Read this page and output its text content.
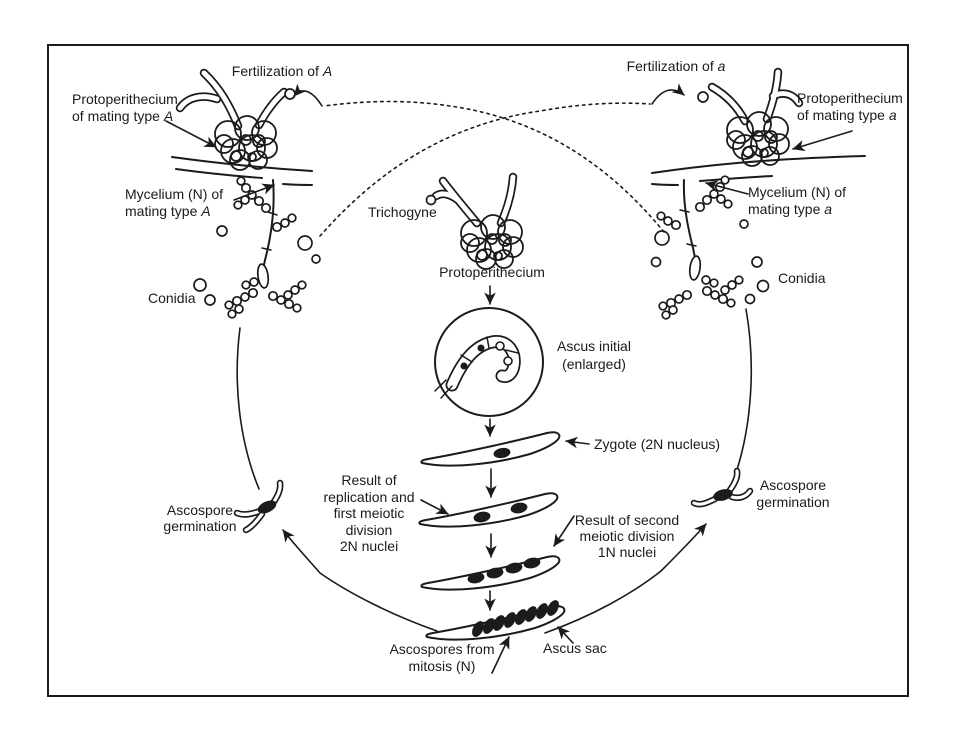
Fertilization of A	Fertilization of a
Protoperithecium
of mating type A
Protoperithecium
of mating type a
Mycelium (N) of
mating type A
Mycelium (N) of
mating type a
Conidia
Conidia
Trichogyne
Protoperithecium
Ascus initial
(enlarged)
Zygote (2N nucleus)
Result of
replication and
first meiotic
division
2N nuclei
Result of second
meiotic division
1N nuclei
Ascospores from
mitosis (N)
Ascus sac
Ascospore
germination
Ascospore
germination
